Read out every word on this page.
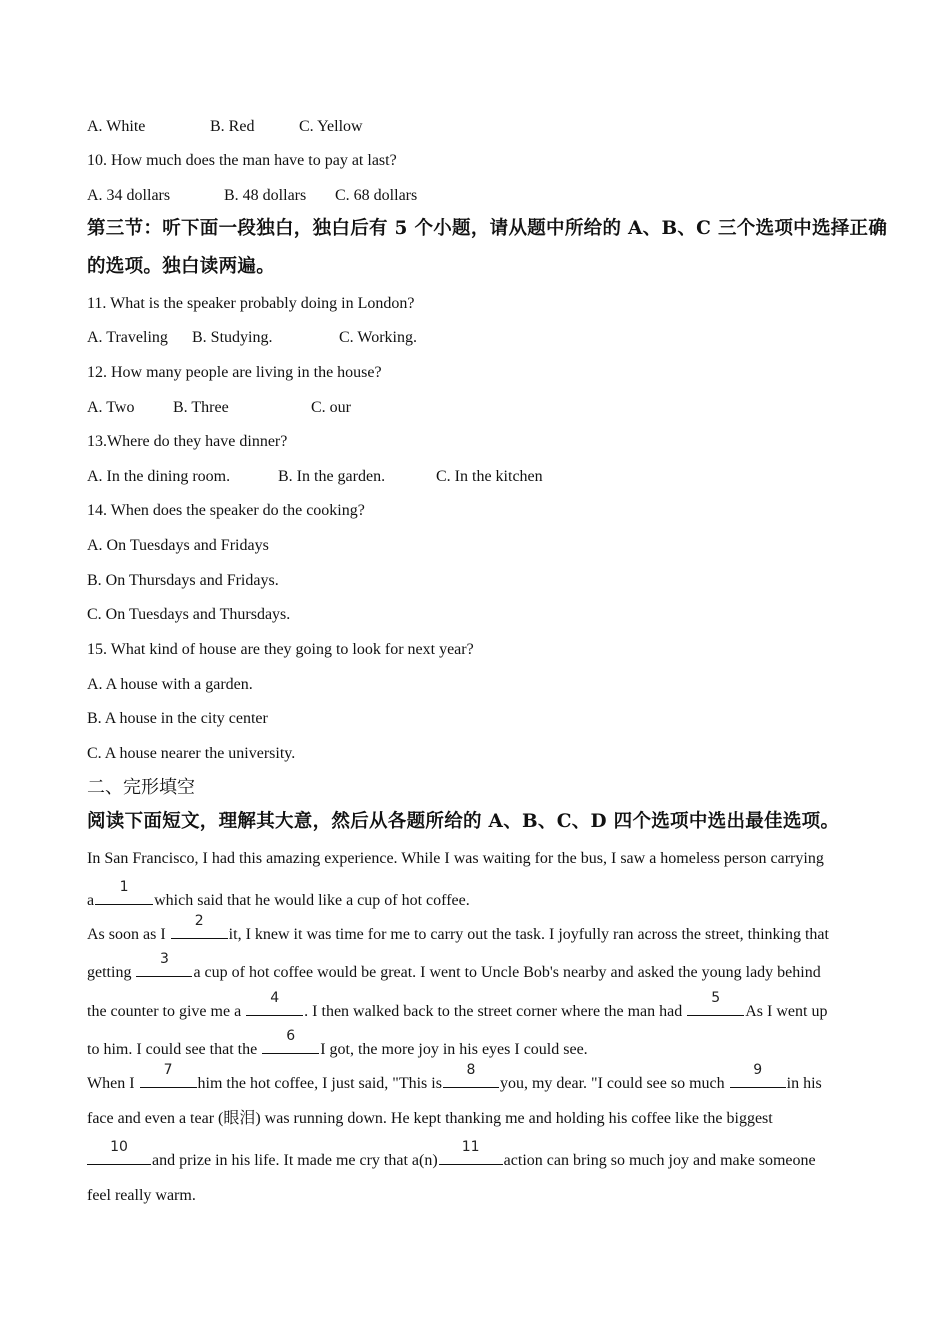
A. White	B. Red	C. Yellow
10. How much does the man have to pay at last?
A. 34 dollars	B. 48 dollars C. 68 dollars
第三节：听下面一段独白，独白后有 5 个小题，请从题中所给的 A、B、C 三个选项中选择正确
的选项。独白读两遍。
11. What is the speaker probably doing in London?
A. Traveling B. Studying.	C. Working.
12. How many people are living in the house?
A. Two B. Three	C. our
13.Where do they have dinner?
A. In the dining room.	B. In the garden.	C. In the kitchen
14. When does the speaker do the cooking?
A. On Tuesdays and Fridays
B. On Thursdays and Fridays.
C. On Tuesdays and Thursdays.
15. What kind of house are they going to look for next year?
A. A house with a garden.
B. A house in the city center
C. A house nearer the university.
二、完形填空
阅读下面短文，理解其大意，然后从各题所给的 A、B、C、D 四个选项中选出最佳选项。
In San Francisco, I had this amazing experience. While I was waiting for the bus, I saw a homeless person carrying
a
1
which said that he would like a cup of hot coffee.
As soon as I
2
it, I knew it was time for me to carry out the task. I joyfully ran across the street, thinking that
getting
3
a cup of hot coffee would be great. I went to Uncle Bob's nearby and asked the young lady behind
the counter to give me a
4
. I then walked back to the street corner where the man had
5
As I went up
to him. I could see that the
6
I got, the more joy in his eyes I could see.
When I
7
him the hot coffee, I just said, "This is
8
you, my dear. "I could see so much
9
in his
face and even a tear (眼泪) was running down. He kept thanking me and holding his coffee like the biggest
10
and prize in his life. It made me cry that a(n)
11
action can bring so much joy and make someone
feel really warm.
